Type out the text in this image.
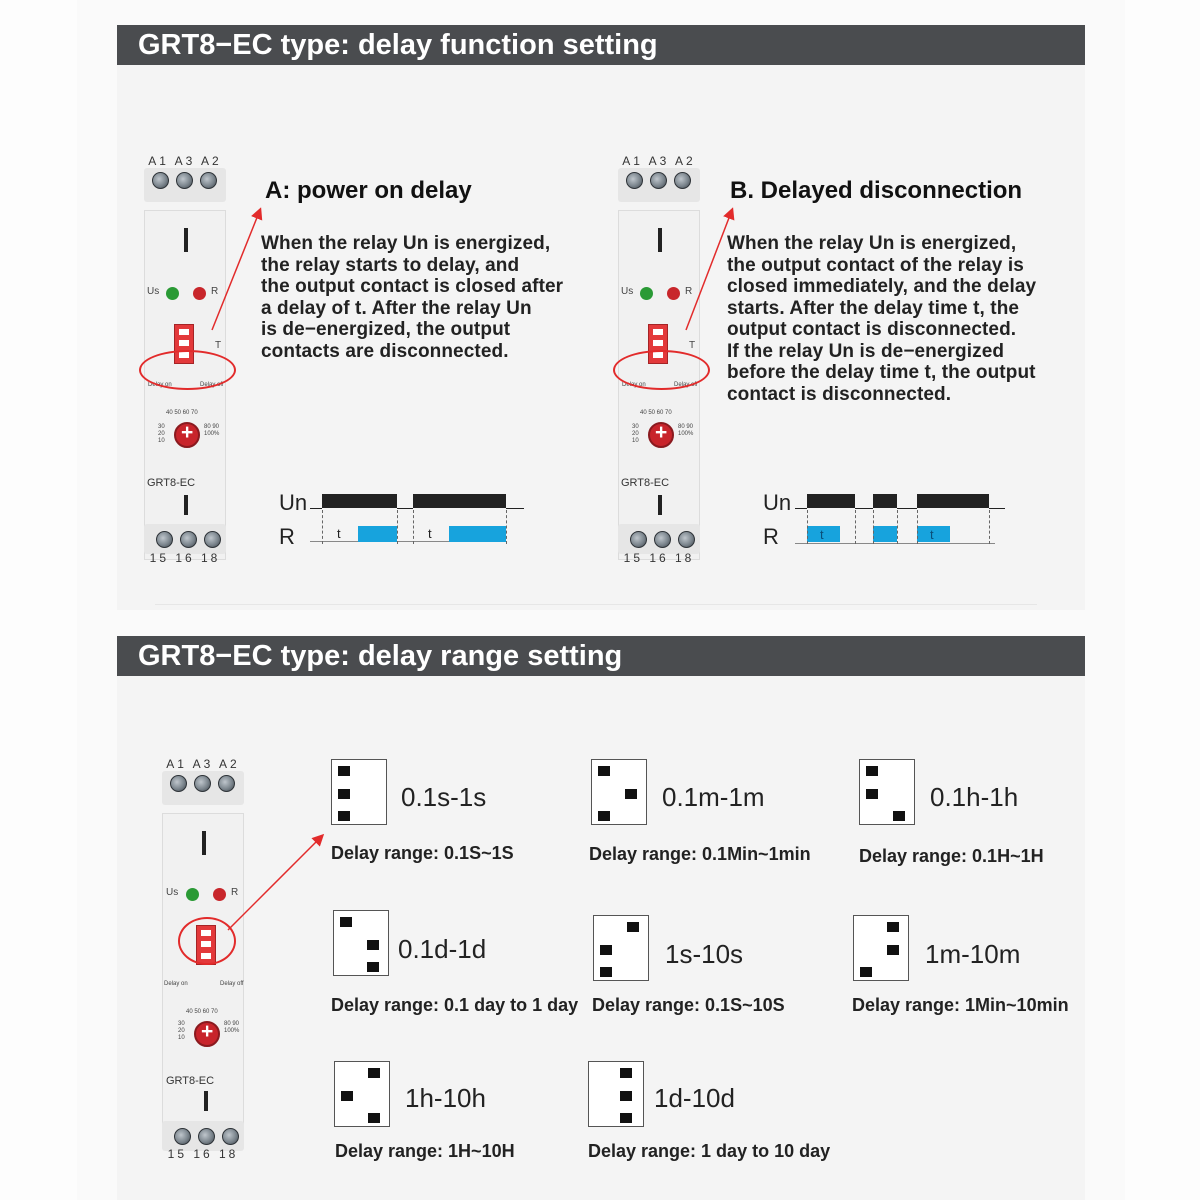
GRT8−EC type: delay function setting
A1 A3 A2
Us	R
T
Delay on	Delay off
40 50 60 70
30 20 10
80 90 100%
+
GRT8-EC
15 16 18
A1 A3 A2
Us	R
T
Delay on	Delay off
40 50 60 70
30 20 10
80 90 100%
+
GRT8-EC
15 16 18
A: power on delay
When the relay Un is energized,
the relay starts to delay, and
the output contact is closed after
a delay of t. After the relay Un
is de−energized, the output
contacts are disconnected.
B. Delayed disconnection
When the relay Un is energized,
the output contact of the relay is
closed immediately, and the delay
starts. After the delay time t, the
output contact is disconnected.
If the relay Un is de−energized
before the delay time t, the output
contact is disconnected.
Un
R	t	t
Un
R	t	t
GRT8−EC type: delay range setting
A1 A3 A2
Us	R
Delay on	Delay off
40 50 60 70
30 20 10
80 90 100%
+
GRT8-EC
15 16 18
0.1s-1s
Delay range: 0.1S~1S
0.1m-1m
Delay range: 0.1Min~1min
0.1h-1h
Delay range: 0.1H~1H
0.1d-1d
Delay range: 0.1 day to 1 day
1s-10s
Delay range: 0.1S~10S
1m-10m
Delay range: 1Min~10min
1h-10h
Delay range: 1H~10H
1d-10d
Delay range: 1 day to 10 day
